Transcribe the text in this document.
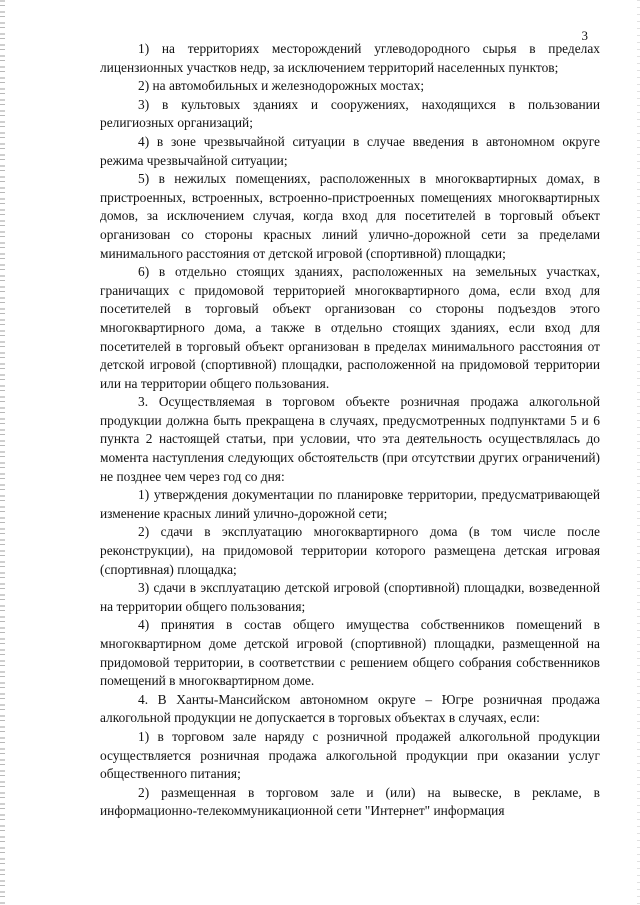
3

1) на территориях месторождений углеводородного сырья в пределах лицензионных участков недр, за исключением территорий населенных пунктов;

2) на автомобильных и железнодорожных мостах;

3) в культовых зданиях и сооружениях, находящихся в пользовании религиозных организаций;

4) в зоне чрезвычайной ситуации в случае введения в автономном округе режима чрезвычайной ситуации;

5) в нежилых помещениях, расположенных в многоквартирных домах, в пристроенных, встроенных, встроенно-пристроенных помещениях многоквартирных домов, за исключением случая, когда вход для посетителей в торговый объект организован со стороны красных линий улично-дорожной сети за пределами минимального расстояния от детской игровой (спортивной) площадки;

6) в отдельно стоящих зданиях, расположенных на земельных участках, граничащих с придомовой территорией многоквартирного дома, если вход для посетителей в торговый объект организован со стороны подъездов этого многоквартирного дома, а также в отдельно стоящих зданиях, если вход для посетителей в торговый объект организован в пределах минимального расстояния от детской игровой (спортивной) площадки, расположенной на придомовой территории или на территории общего пользования.

3. Осуществляемая в торговом объекте розничная продажа алкогольной продукции должна быть прекращена в случаях, предусмотренных подпунктами 5 и 6 пункта 2 настоящей статьи, при условии, что эта деятельность осуществлялась до момента наступления следующих обстоятельств (при отсутствии других ограничений) не позднее чем через год со дня:

1) утверждения документации по планировке территории, предусматривающей изменение красных линий улично-дорожной сети;

2) сдачи в эксплуатацию многоквартирного дома (в том числе после реконструкции), на придомовой территории которого размещена детская игровая (спортивная) площадка;

3) сдачи в эксплуатацию детской игровой (спортивной) площадки, возведенной на территории общего пользования;

4) принятия в состав общего имущества собственников помещений в многоквартирном доме детской игровой (спортивной) площадки, размещенной на придомовой территории, в соответствии с решением общего собрания собственников помещений в многоквартирном доме.

4. В Ханты-Мансийском автономном округе – Югре розничная продажа алкогольной продукции не допускается в торговых объектах в случаях, если:

1) в торговом зале наряду с розничной продажей алкогольной продукции осуществляется розничная продажа алкогольной продукции при оказании услуг общественного питания;

2) размещенная в торговом зале и (или) на вывеске, в рекламе, в информационно-телекоммуникационной сети "Интернет" информация
